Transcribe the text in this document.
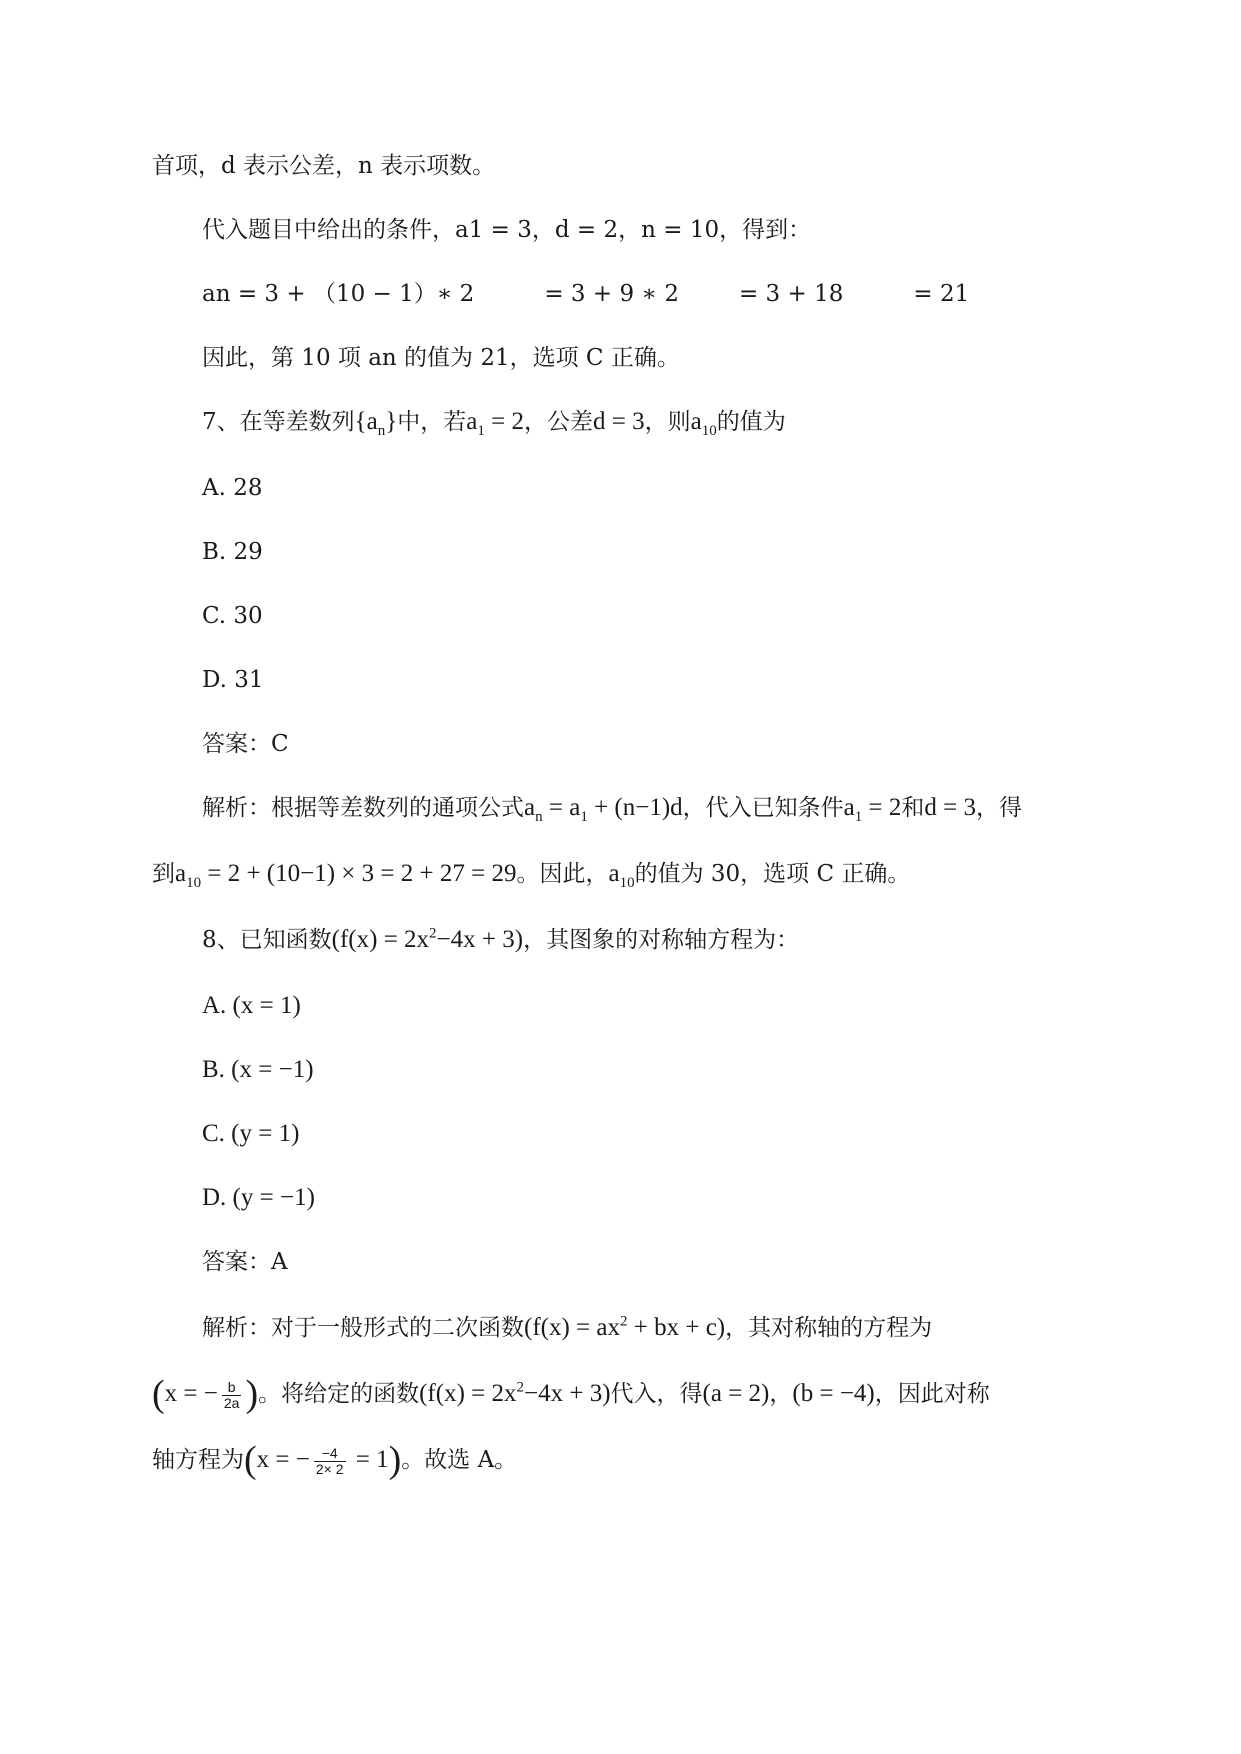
首项，d 表示公差，n 表示项数。
代入题目中给出的条件，a1 = 3，d = 2，n = 10，得到：
an = 3 + （10 − 1）∗ 2	= 3 + 9 ∗ 2	= 3 + 18	= 21
因此，第 10 项 an 的值为 21，选项 C 正确。
7、在等差数列$\{a_n\}$中，若$a_1 = 2$，公差d = 3，则$a_{10}$的值为
A. 28
B. 29
C. 30
D. 31
答案：C
解析：根据等差数列的通项公式$a_n = a_1 + (n-1)d$，代入已知条件$a_1 = 2$和d = 3，得
到$a_{10} = 2 + (10-1) \times 3 = 2 + 27 = 29$。因此，$a_{10}$的值为 30，选项 C 正确。
8、已知函数$(f(x) = 2x^2-4x + 3)$，其图象的对称轴方程为：
A. (x = 1)
B. (x = −1)
C. (y = 1)
D. (y = −1)
答案：A
解析：对于一般形式的二次函数($f(x) = ax^2$ + bx + c)，其对称轴的方程为
(x = − $\frac{b}{2a}$ )。将给定的函数$(f(x) = 2x^2-4x + 3)$代入，得(a = 2)，(b = −4)，因此对称
轴方程为(x = − $\frac{-4}{2\times 2} = 1$)。故选 A。
